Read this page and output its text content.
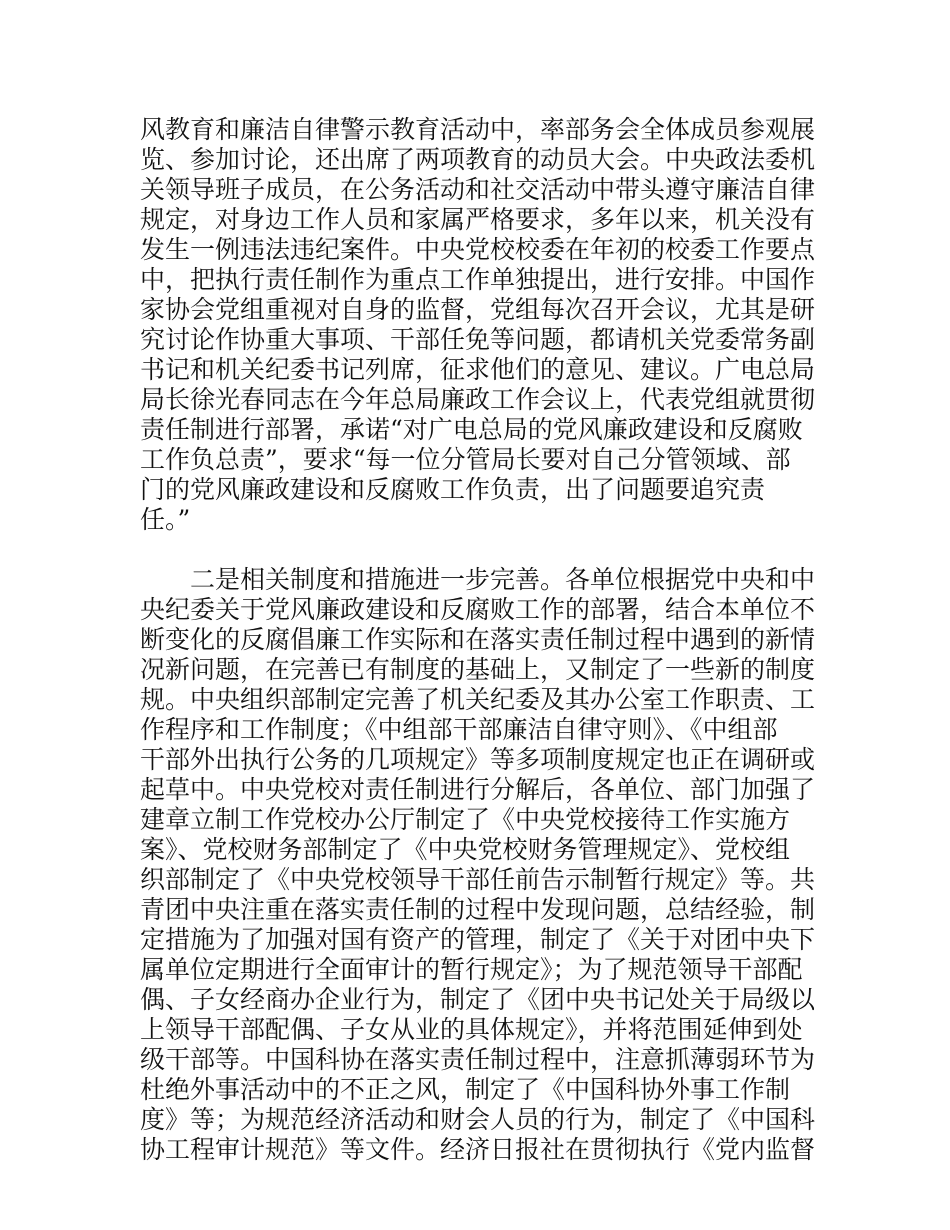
风教育和廉洁自律警示教育活动中，率部务会全体成员参观展
览、参加讨论，还出席了两项教育的动员大会。中央政法委机
关领导班子成员，在公务活动和社交活动中带头遵守廉洁自律
规定，对身边工作人员和家属严格要求，多年以来，机关没有
发生一例违法违纪案件。中央党校校委在年初的校委工作要点
中，把执行责任制作为重点工作单独提出，进行安排。中国作
家协会党组重视对自身的监督，党组每次召开会议，尤其是研
究讨论作协重大事项、干部任免等问题，都请机关党委常务副
书记和机关纪委书记列席，征求他们的意见、建议。广电总局
局长徐光春同志在今年总局廉政工作会议上，代表党组就贯彻
责任制进行部署，承诺“对广电总局的党风廉政建设和反腐败
工作负总责”，要求“每一位分管局长要对自己分管领域、部
门的党风廉政建设和反腐败工作负责，出了问题要追究责
任。”
二是相关制度和措施进一步完善。各单位根据党中央和中
央纪委关于党风廉政建设和反腐败工作的部署，结合本单位不
断变化的反腐倡廉工作实际和在落实责任制过程中遇到的新情
况新问题，在完善已有制度的基础上，又制定了一些新的制度
规。中央组织部制定完善了机关纪委及其办公室工作职责、工
作程序和工作制度；《中组部干部廉洁自律守则》、《中组部
干部外出执行公务的几项规定》等多项制度规定也正在调研或
起草中。中央党校对责任制进行分解后，各单位、部门加强了
建章立制工作党校办公厅制定了《中央党校接待工作实施方
案》、党校财务部制定了《中央党校财务管理规定》、党校组
织部制定了《中央党校领导干部任前告示制暂行规定》等。共
青团中央注重在落实责任制的过程中发现问题，总结经验，制
定措施为了加强对国有资产的管理，制定了《关于对团中央下
属单位定期进行全面审计的暂行规定》；为了规范领导干部配
偶、子女经商办企业行为，制定了《团中央书记处关于局级以
上领导干部配偶、子女从业的具体规定》，并将范围延伸到处
级干部等。中国科协在落实责任制过程中，注意抓薄弱环节为
杜绝外事活动中的不正之风，制定了《中国科协外事工作制
度》等；为规范经济活动和财会人员的行为，制定了《中国科
协工程审计规范》等文件。经济日报社在贯彻执行《党内监督
